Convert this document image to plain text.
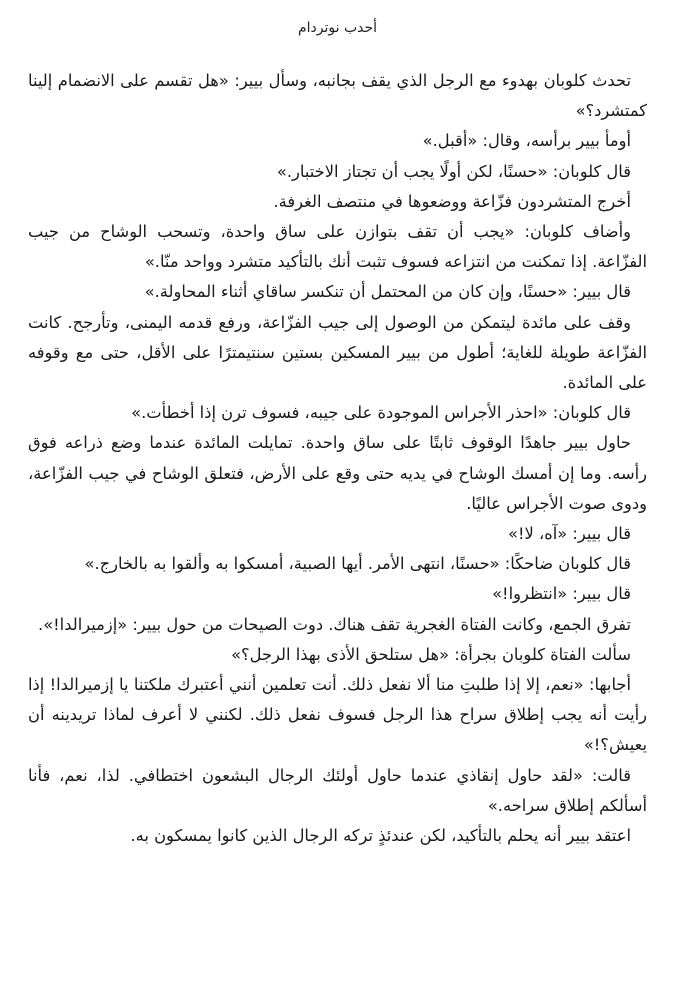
أحدب نوتردام

تحدث كلوبان بهدوء مع الرجل الذي يقف بجانبه، وسأل بيير: «هل تقسم على الانضمام إلينا كمتشرد؟»

أومأ بيير برأسه، وقال: «أقبل.»

قال كلوبان: «حسنًا، لكن أولًا يجب أن تجتاز الاختبار.»

أخرج المتشردون فزّاعة ووضعوها في منتصف الغرفة.

وأضاف كلوبان: «يجب أن تقف بتوازن على ساق واحدة، وتسحب الوشاح من جيب الفزّاعة. إذا تمكنت من انتزاعه فسوف تثبت أنك بالتأكيد متشرد وواحد منّا.»

قال بيير: «حسنًا، وإن كان من المحتمل أن تنكسر ساقاي أثناء المحاولة.»

وقف على مائدة ليتمكن من الوصول إلى جيب الفزّاعة، ورفع قدمه اليمنى، وتأرجح. كانت الفزّاعة طويلة للغاية؛ أطول من بيير المسكين بستين سنتيمترًا على الأقل، حتى مع وقوفه على المائدة.

قال كلوبان: «احذر الأجراس الموجودة على جيبه، فسوف ترن إذا أخطأت.»

حاول بيير جاهدًا الوقوف ثابتًا على ساق واحدة. تمايلت المائدة عندما وضع ذراعه فوق رأسه. وما إن أمسك الوشاح في يديه حتى وقع على الأرض، فتعلق الوشاح في جيب الفزّاعة، ودوى صوت الأجراس عاليًا.

قال بيير: «آه، لا!»

قال كلوبان ضاحكًا: «حسنًا، انتهى الأمر. أيها الصبية، أمسكوا به وألقوا به بالخارج.»

قال بيير: «انتظروا!»

تفرق الجمع، وكانت الفتاة الغجرية تقف هناك. دوت الصيحات من حول بيير: «إزميرالدا!».

سألت الفتاة كلوبان بجرأة: «هل ستلحق الأذى بهذا الرجل؟»

أجابها: «نعم، إلا إذا طلبتِ منا ألا نفعل ذلك. أنت تعلمين أنني أعتبرك ملكتنا يا إزميرالدا! إذا رأيت أنه يجب إطلاق سراح هذا الرجل فسوف نفعل ذلك. لكنني لا أعرف لماذا تريدينه أن يعيش؟!»

قالت: «لقد حاول إنقاذي عندما حاول أولئك الرجال البشعون اختطافي. لذا، نعم، فأنا أسألكم إطلاق سراحه.»

اعتقد بيير أنه يحلم بالتأكيد، لكن عندئذٍ تركه الرجال الذين كانوا يمسكون به.
